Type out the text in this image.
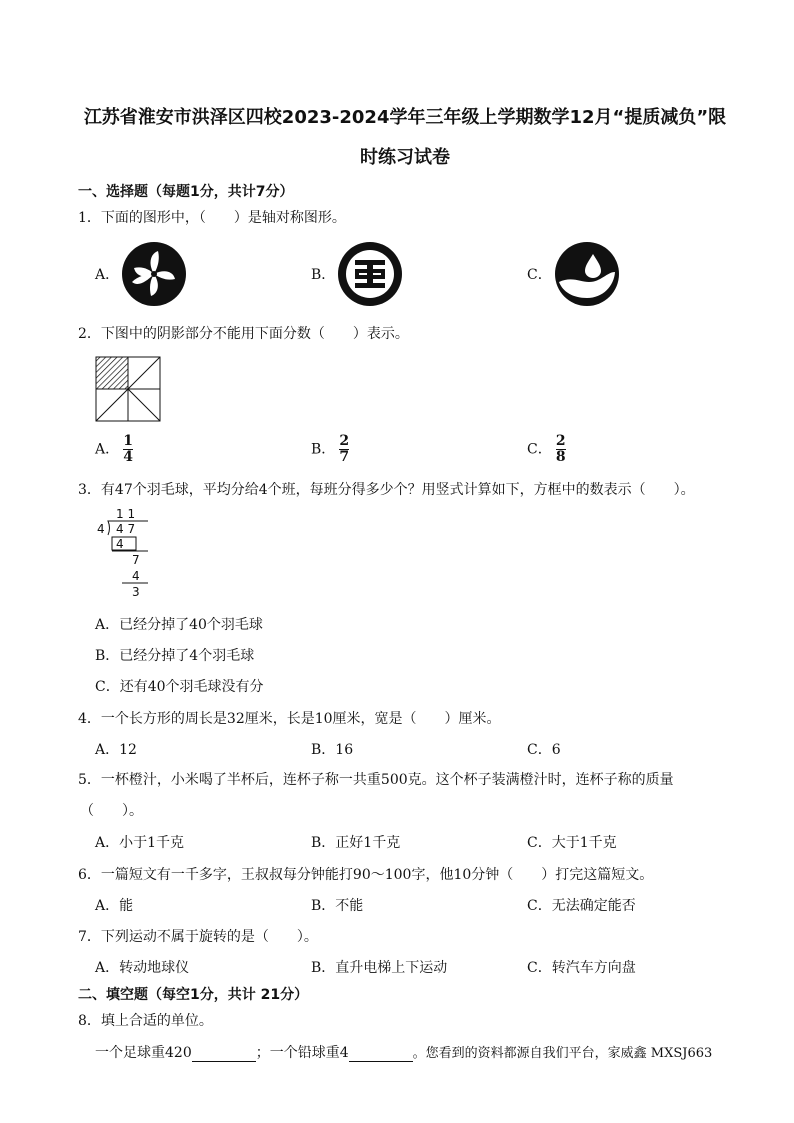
江苏省淮安市洪泽区四校2023-2024学年三年级上学期数学12月“提质减负”限
时练习试卷
一、选择题（每题1分，共计7分）
1．下面的图形中，（　　）是轴对称图形。
A．	B．	C．
2．下图中的阴影部分不能用下面分数（　　）表示。
A． $\frac{1}{4}$	B． $\frac{2}{7}$	C． $\frac{2}{8}$
3．有47个羽毛球，平均分给4个班，每班分得多少个？用竖式计算如下，方框中的数表示（　　）。
1 1
4 4 7
4
7
4
3
A．已经分掉了40个羽毛球
B．已经分掉了4个羽毛球
C．还有40个羽毛球没有分
4．一个长方形的周长是32厘米，长是10厘米，宽是（　　）厘米。
A．12	B．16	C．6
5．一杯橙汁，小米喝了半杯后，连杯子称一共重500克。这个杯子装满橙汁时，连杯子称的质量
（　　）。
A．小于1千克	B．正好1千克	C．大于1千克
6．一篇短文有一千多字，王叔叔每分钟能打90～100字，他10分钟（　　）打完这篇短文。
A．能	B．不能	C．无法确定能否
7．下列运动不属于旋转的是（　　）。
A．转动地球仪	B．直升电梯上下运动	C．转汽车方向盘
二、填空题（每空1分，共计 21分）
8．填上合适的单位。
一个足球重420	；一个铅球重4	。您看到的资料都源自我们平台，家威鑫 MXSJ663
